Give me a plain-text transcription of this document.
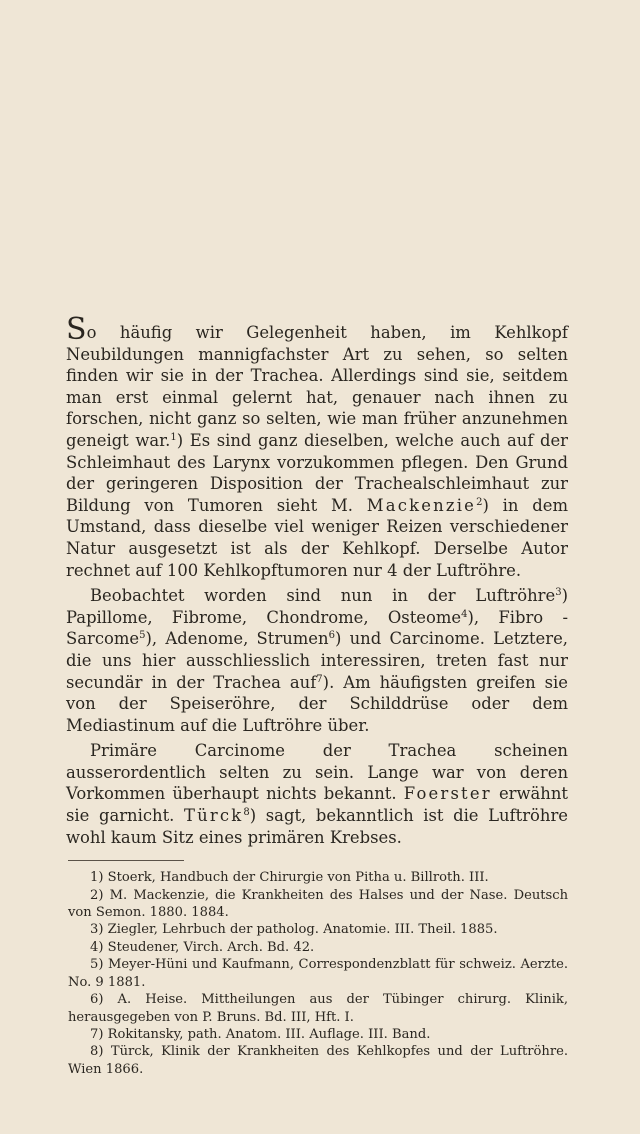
So häufig wir Gelegenheit haben, im Kehlkopf Neubildungen mannigfachster Art zu sehen, so selten finden wir sie in der Trachea. Allerdings sind sie, seitdem man erst einmal gelernt hat, genauer nach ihnen zu forschen, nicht ganz so selten, wie man früher anzunehmen geneigt war.$^1$) Es sind ganz dieselben, welche auch auf der Schleimhaut des Larynx vorzukommen pflegen. Den Grund der geringeren Disposition der Trachealschleimhaut zur Bildung von Tumoren sieht M. Mackenzie$^2$) in dem Umstand, dass dieselbe viel weniger Reizen verschiedener Natur ausgesetzt ist als der Kehlkopf. Derselbe Autor rechnet auf 100 Kehlkopftumoren nur 4 der Luftröhre.

Beobachtet worden sind nun in der Luftröhre$^3$) Papillome, Fibrome, Chondrome, Osteome$^4$), Fibro - Sarcome$^5$), Adenome, Strumen$^6$) und Carcinome. Letztere, die uns hier ausschliesslich interessiren, treten fast nur secundär in der Trachea auf$^7$). Am häufigsten greifen sie von der Speiseröhre, der Schilddrüse oder dem Mediastinum auf die Luftröhre über.

Primäre Carcinome der Trachea scheinen ausserordentlich selten zu sein. Lange war von deren Vorkommen überhaupt nichts bekannt. Foerster erwähnt sie garnicht. Türck$^8$) sagt, bekanntlich ist die Luftröhre wohl kaum Sitz eines primären Krebses.

1) Stoerk, Handbuch der Chirurgie von Pitha u. Billroth. III.

2) M. Mackenzie, die Krankheiten des Halses und der Nase. Deutsch von Semon. 1880. 1884.

3) Ziegler, Lehrbuch der patholog. Anatomie. III. Theil. 1885.

4) Steudener, Virch. Arch. Bd. 42.

5) Meyer-Hüni und Kaufmann, Correspondenzblatt für schweiz. Aerzte. No. 9 1881.

6) A. Heise. Mittheilungen aus der Tübinger chirurg. Klinik, herausgegeben von P. Bruns. Bd. III, Hft. I.

7) Rokitansky, path. Anatom. III. Auflage. III. Band.

8) Türck, Klinik der Krankheiten des Kehlkopfes und der Luftröhre. Wien 1866.
